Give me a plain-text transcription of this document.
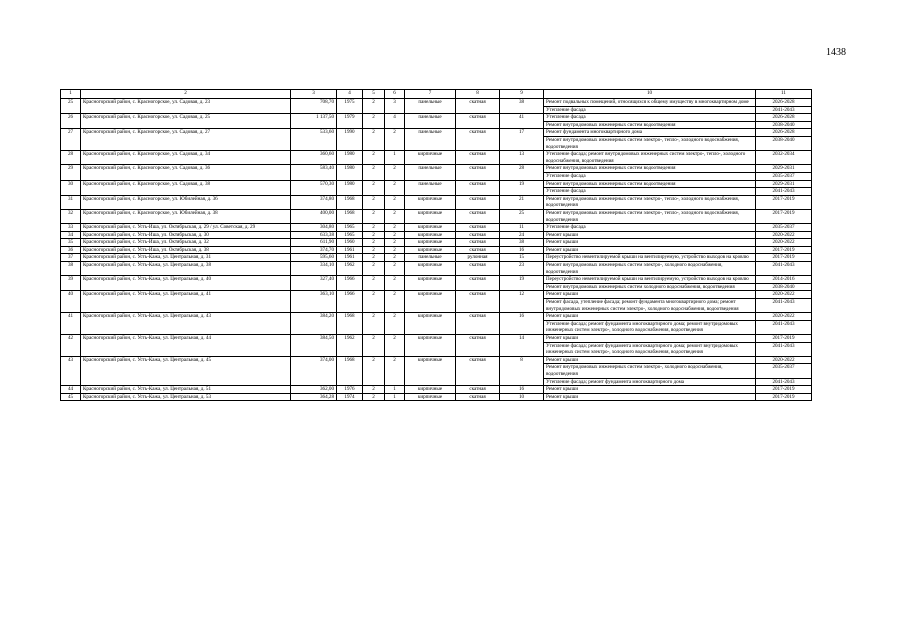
1438
1	2	3	4	5	6	7	8	9	10	11
25	Красногорский район, с. Красногорское, ул. Садовая, д. 23	708,70	1975	2	3	панельные	скатная	38	Ремонт подвальных помещений, относящихся к общему имуществу в многоквартирном доме	2026-2028
									Утепление фасада	2041-2043
26	Красногорский район, с. Красногорское, ул. Садовая, д. 25	1 137,50	1979	2	4	панельные	скатная	41	Утепление фасада	2026-2028
									Ремонт внутридомовых инженерных систем водоотведения	2038-2040
27	Красногорский район, с. Красногорское, ул. Садовая, д. 27	533,60	1990	2	2	панельные	скатная	17	Ремонт фундамента многоквартирного дома	2026-2028
									Ремонт внутридомовых инженерных систем электро-, тепло-, холодного водоснабжения, водоотведения	2038-2040
28	Красногорский район, с. Красногорское, ул. Садовая, д. 34	360,60	1980	2	1	кирпичные	скатная	13	Утепление фасада; ремонт внутридомовых инженерных систем электро-, тепло-, холодного водоснабжения, водоотведения	2032-2034
29	Красногорский район, с. Красногорское, ул. Садовая, д. 36	583,40	1980	2	2	панельные	скатная	28	Ремонт внутридомовых инженерных систем водоотведения	2029-2031
									Утепление фасада	2035-2037
30	Красногорский район, с. Красногорское, ул. Садовая, д. 38	570,30	1980	2	2	панельные	скатная	19	Ремонт внутридомовых инженерных систем водоотведения	2029-2031
									Утепление фасада	2041-2043
31	Красногорский район, с. Красногорское, ул. Юбилейная, д. 36	374,80	1968	2	2	кирпичные	скатная	21	Ремонт внутридомовых инженерных систем электро-, тепло-, холодного водоснабжения, водоотведения	2017-2019
32	Красногорский район, с. Красногорское, ул. Юбилейная, д. 38	400,00	1968	2	2	кирпичные	скатная	25	Ремонт внутридомовых инженерных систем электро-, тепло-, холодного водоснабжения, водоотведения	2017-2019
33	Красногорский район, с. Усть-Иша, ул. Октябрьская, д. 29 / ул. Советская, д. 29	304,80	1965	2	2	кирпичные	скатная	11	Утепление фасада	2035-2037
34	Красногорский район, с. Усть-Иша, ул. Октябрьская, д. 30	633,38	1965	2	2	кирпичные	скатная	24	Ремонт крыши	2020-2022
35	Красногорский район, с. Усть-Иша, ул. Октябрьская, д. 32	611,90	1960	2	2	кирпичные	скатная	38	Ремонт крыши	2020-2022
36	Красногорский район, с. Усть-Иша, ул. Октябрьская, д. 38	374,70	1961	2	2	кирпичные	скатная	16	Ремонт крыши	2017-2019
37	Красногорский район, с. Усть-Кажа, ул. Центральная, д. 31	595,60	1961	2	2	панельные	рулонная	15	Переустройство невентилируемой крыши на вентилируемую, устройство выходов на кровлю	2017-2019
38	Красногорский район, с. Усть-Кажа, ул. Центральная, д. 38	334,10	1962	2	2	кирпичные	скатная	23	Ремонт внутридомовых инженерных систем электро-, холодного водоснабжения, водоотведения	2041-2043
39	Красногорский район, с. Усть-Кажа, ул. Центральная, д. 40	327,40	1966	2	2	кирпичные	скатная	19	Переустройство невентилируемой крыши на вентилируемую, устройство выходов на кровлю	2014-2016
									Ремонт внутридомовых инженерных систем холодного водоснабжения, водоотведения	2038-2040
40	Красногорский район, с. Усть-Кажа, ул. Центральная, д. 41	363,10	1966	2	2	кирпичные	скатная	12	Ремонт крыши	2020-2022
									Ремонт фасада, утепление фасада; ремонт фундамента многоквартирного дома; ремонт внутридомовых инженерных систем электро-, холодного водоснабжения, водоотведения	2041-2043
41	Красногорский район, с. Усть-Кажа, ул. Центральная, д. 43	384,20	1968	2	2	кирпичные	скатная	16	Ремонт крыши	2020-2022
									Утепление фасада; ремонт фундамента многоквартирного дома; ремонт внутридомовых инженерных систем электро-, холодного водоснабжения, водоотведения	2041-2043
42	Красногорский район, с. Усть-Кажа, ул. Центральная, д. 44	384,50	1962	2	2	кирпичные	скатная	14	Ремонт крыши	2017-2019
									Утепление фасада; ремонт фундамента многоквартирного дома; ремонт внутридомовых инженерных систем электро-, холодного водоснабжения, водоотведения	2041-2043
43	Красногорский район, с. Усть-Кажа, ул. Центральная, д. 45	374,00	1968	2	2	кирпичные	скатная	8	Ремонт крыши	2020-2022
									Ремонт внутридомовых инженерных систем электро-, холодного водоснабжения, водоотведения	2035-2037
									Утепление фасада; ремонт фундамента многоквартирного дома	2041-2043
44	Красногорский район, с. Усть-Кажа, ул. Центральная, д. 51	362,00	1976	2	1	кирпичные	скатная	16	Ремонт крыши	2017-2019
45	Красногорский район, с. Усть-Кажа, ул. Центральная, д. 53	364,28	1974	2	1	кирпичные	скатная	10	Ремонт крыши	2017-2019
